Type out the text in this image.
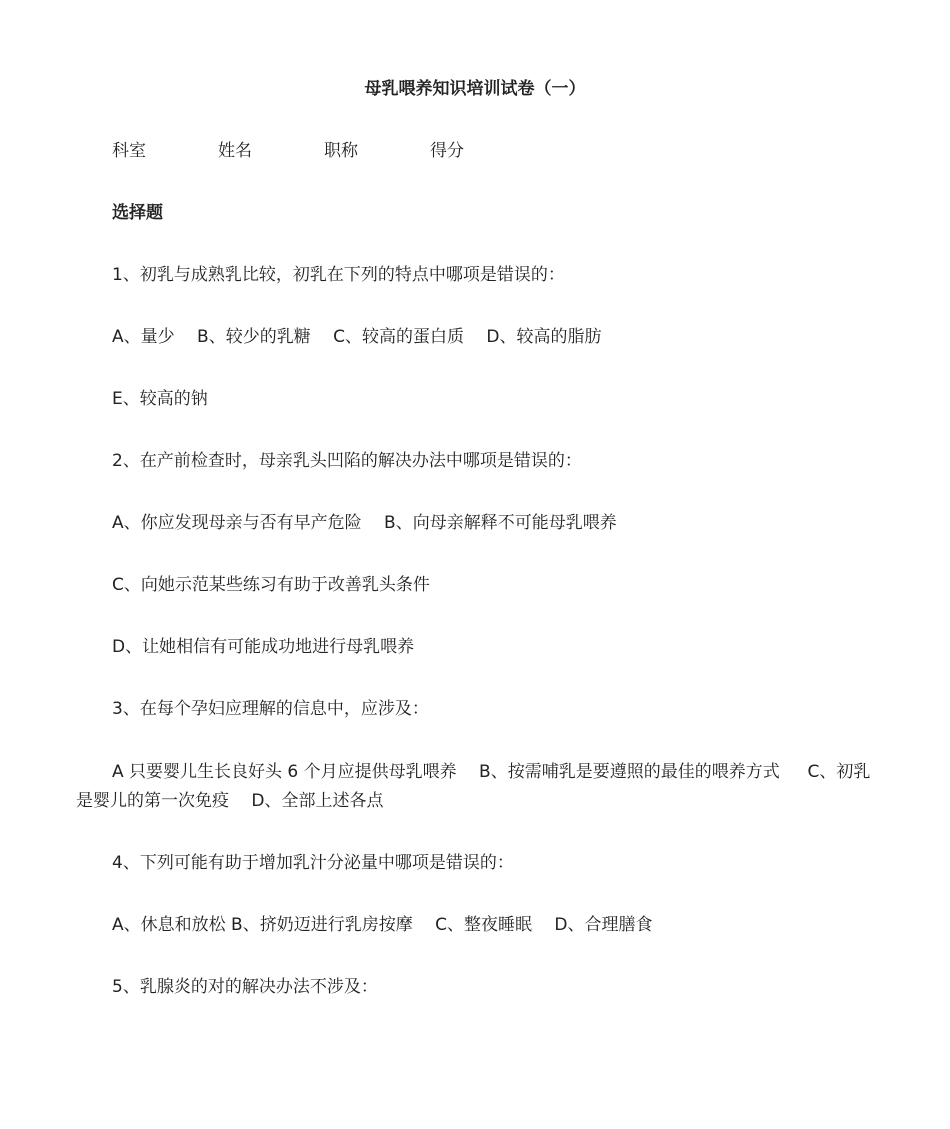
母乳喂养知识培训试卷（一）
科室	姓名	职称	得分
选择题
1、初乳与成熟乳比较，初乳在下列的特点中哪项是错误的：
A、量少 　B、较少的乳糖 　C、较高的蛋白质 　D、较高的脂肪
E、较高的钠
2、在产前检查时，母亲乳头凹陷的解决办法中哪项是错误的：
A、你应发现母亲与否有早产危险 　B、向母亲解释不可能母乳喂养
C、向她示范某些练习有助于改善乳头条件
D、让她相信有可能成功地进行母乳喂养
3、在每个孕妇应理解的信息中，应涉及：
A 只要婴儿生长良好头 6 个月应提供母乳喂养 　B、按需哺乳是要遵照的最佳的喂养方式 　 C、初乳是婴儿的第一次免疫 　D、全部上述各点
4、下列可能有助于增加乳汁分泌量中哪项是错误的：
A、休息和放松 B、挤奶迈进行乳房按摩 　C、整夜睡眠 　D、合理膳食
5、乳腺炎的对的解决办法不涉及：
